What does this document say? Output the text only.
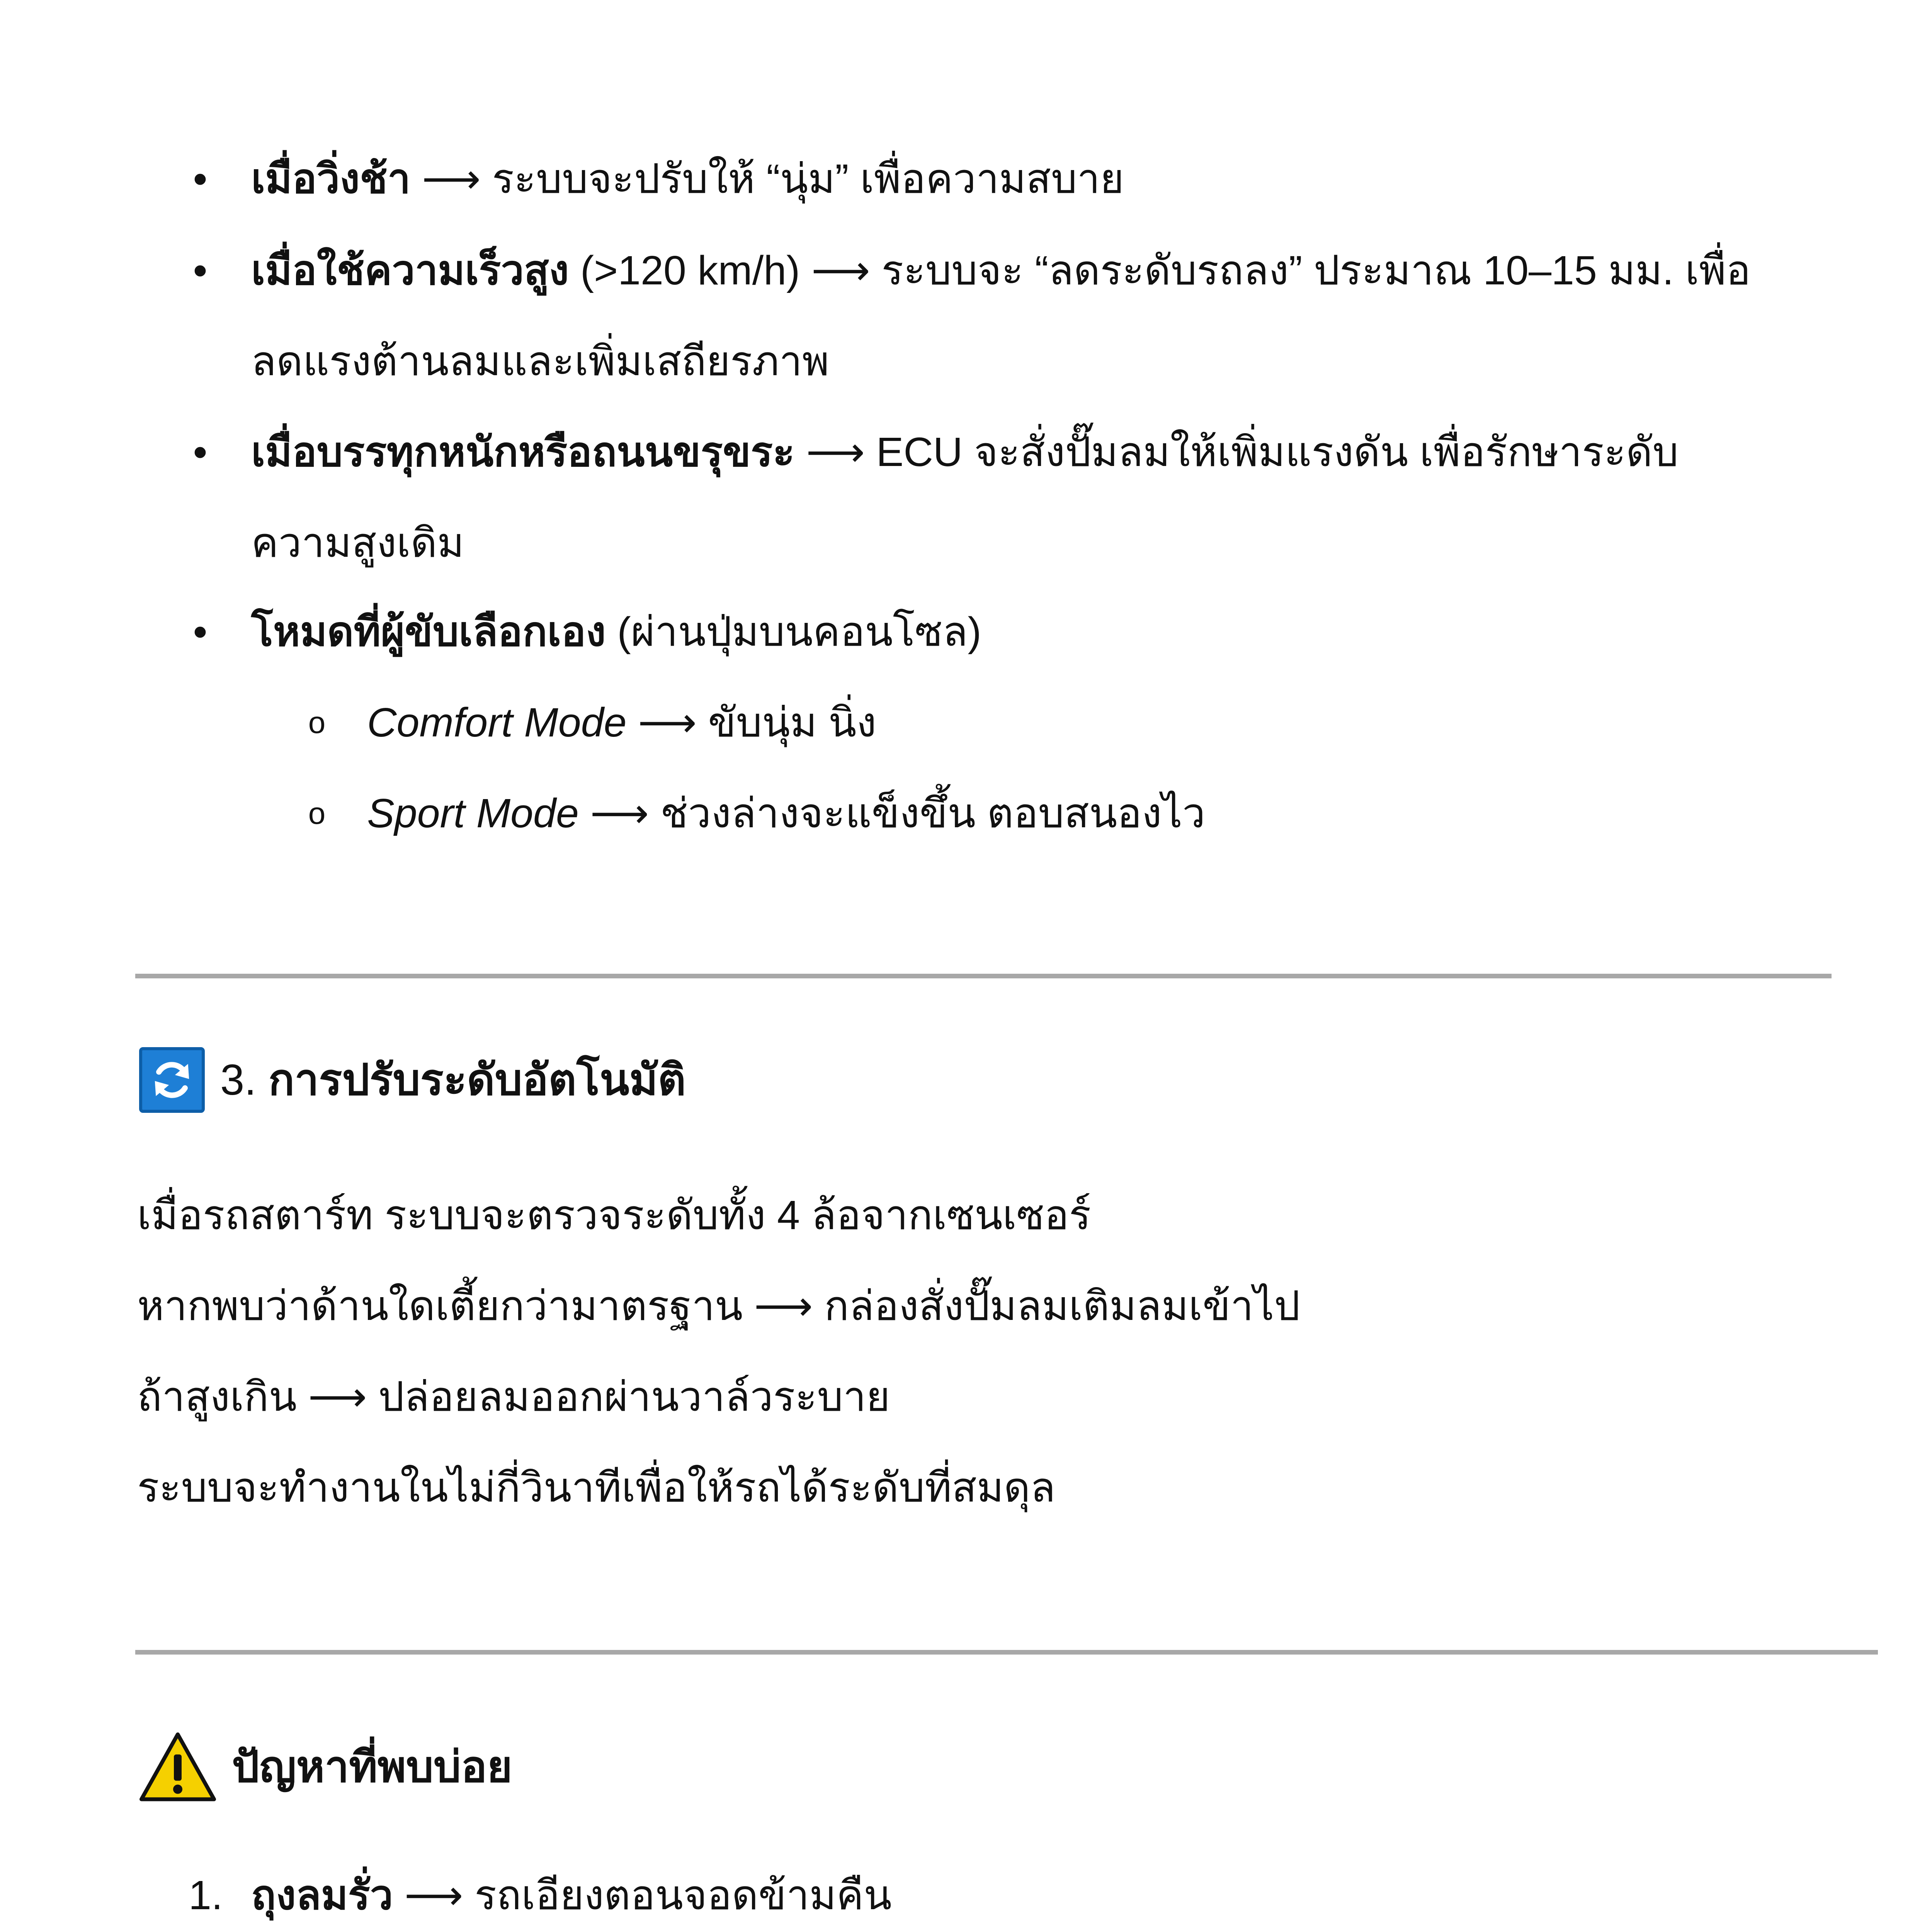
• เมื่อวิ่งช้า ⟶ ระบบจะปรับให้ “นุ่ม” เพื่อความสบาย
• เมื่อใช้ความเร็วสูง (>120 km/h) ⟶ ระบบจะ “ลดระดับรถลง” ประมาณ 10–15 มม. เพื่อ
ลดแรงต้านลมและเพิ่มเสถียรภาพ
• เมื่อบรรทุกหนักหรือถนนขรุขระ ⟶ ECU จะสั่งปั๊มลมให้เพิ่มแรงดัน เพื่อรักษาระดับ
ความสูงเดิม
• โหมดที่ผู้ขับเลือกเอง (ผ่านปุ่มบนคอนโซล)
o Comfort Mode ⟶ ขับนุ่ม นิ่ง
o Sport Mode ⟶ ช่วงล่างจะแข็งขึ้น ตอบสนองไว
3. การปรับระดับอัตโนมัติ
เมื่อรถสตาร์ท ระบบจะตรวจระดับทั้ง 4 ล้อจากเซนเซอร์
หากพบว่าด้านใดเตี้ยกว่ามาตรฐาน ⟶ กล่องสั่งปั๊มลมเติมลมเข้าไป
ถ้าสูงเกิน ⟶ ปล่อยลมออกผ่านวาล์วระบาย
ระบบจะทำงานในไม่กี่วินาทีเพื่อให้รถได้ระดับที่สมดุล
ปัญหาที่พบบ่อย
1. ถุงลมรั่ว ⟶ รถเอียงตอนจอดข้ามคืน
